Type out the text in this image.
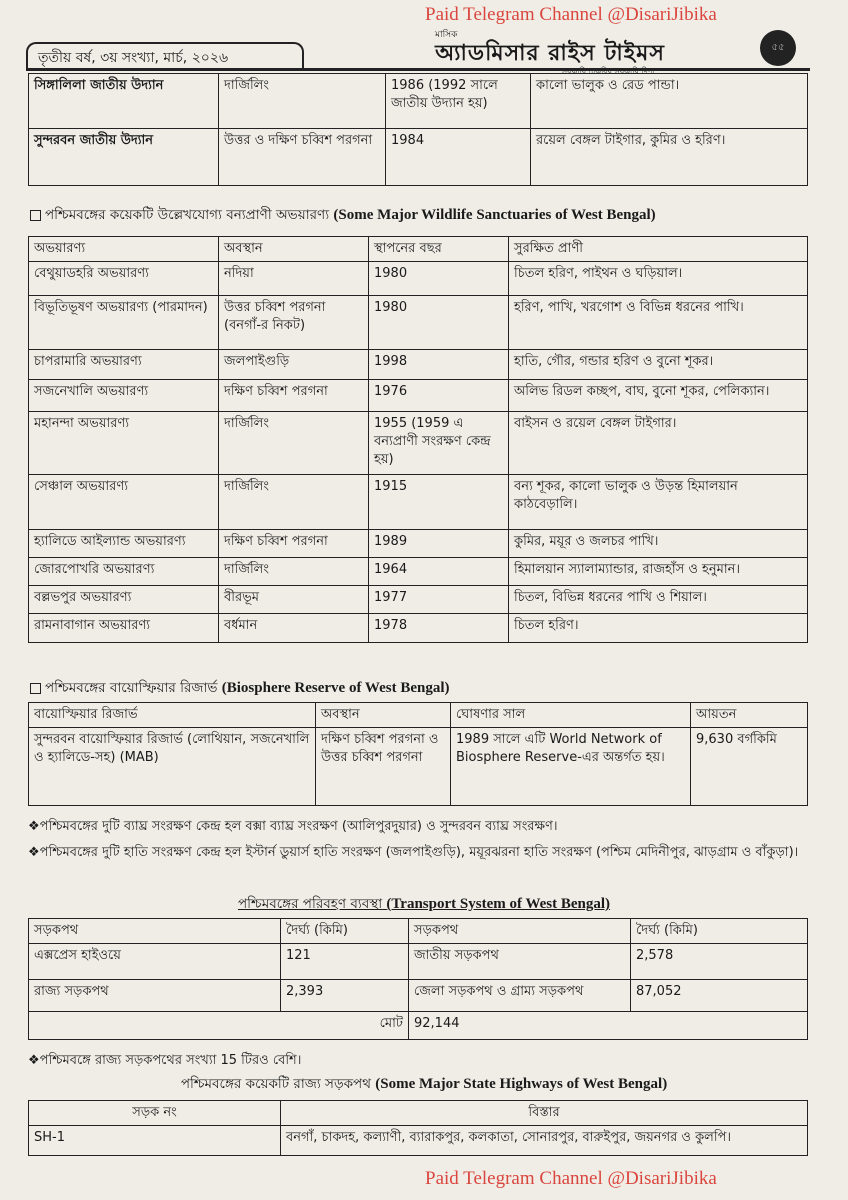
Paid Telegram Channel @DisariJibika
তৃতীয় বর্ষ, ৩য় সংখ্যা, মার্চ, ২০২৬
মাসিক
অ্যাডমিসার রাইস টাইমস
সরকারি চাকরির সরকারি দিশা
৫৫
সিঙ্গালিলা জাতীয় উদ্যান	দার্জিলিং	1986 (1992 সালে জাতীয় উদ্যান হয়)	কালো ভালুক ও রেড পান্ডা।
সুন্দরবন জাতীয় উদ্যান	উত্তর ও দক্ষিণ চব্বিশ পরগনা	1984	রয়েল বেঙ্গল টাইগার, কুমির ও হরিণ।
পশ্চিমবঙ্গের কয়েকটি উল্লেখযোগ্য বন্যপ্রাণী অভয়ারণ্য (Some Major Wildlife Sanctuaries of West Bengal)
অভয়ারণ্য	অবস্থান	স্থাপনের বছর	সুরক্ষিত প্রাণী
বেথুয়াডহরি অভয়ারণ্য	নদিয়া	1980	চিতল হরিণ, পাইথন ও ঘড়িয়াল।
বিভূতিভূষণ অভয়ারণ্য (পারমাদন)	উত্তর চব্বিশ পরগনা (বনগাঁ-র নিকট)	1980	হরিণ, পাখি, খরগোশ ও বিভিন্ন ধরনের পাখি।
চাপরামারি অভয়ারণ্য	জলপাইগুড়ি	1998	হাতি, গৌর, গন্ডার হরিণ ও বুনো শূকর।
সজনেখালি অভয়ারণ্য	দক্ষিণ চব্বিশ পরগনা	1976	অলিভ রিডল কচ্ছপ, বাঘ, বুনো শূকর, পেলিক্যান।
মহানন্দা অভয়ারণ্য	দার্জিলিং	1955 (1959 এ বন্যপ্রাণী সংরক্ষণ কেন্দ্র হয়)	বাইসন ও রয়েল বেঙ্গল টাইগার।
সেঞ্চাল অভয়ারণ্য	দার্জিলিং	1915	বন্য শূকর, কালো ভালুক ও উড়ন্ত হিমালয়ান কাঠবেড়ালি।
হ্যালিডে আইল্যান্ড অভয়ারণ্য	দক্ষিণ চব্বিশ পরগনা	1989	কুমির, ময়ূর ও জলচর পাখি।
জোরপোখরি অভয়ারণ্য	দার্জিলিং	1964	হিমালয়ান স্যালাম্যান্ডার, রাজহাঁস ও হনুমান।
বল্লভপুর অভয়ারণ্য	বীরভূম	1977	চিতল, বিভিন্ন ধরনের পাখি ও শিয়াল।
রামনাবাগান অভয়ারণ্য	বর্ধমান	1978	চিতল হরিণ।
পশ্চিমবঙ্গের বায়োস্ফিয়ার রিজার্ভ (Biosphere Reserve of West Bengal)
বায়োস্ফিয়ার রিজার্ভ	অবস্থান	ঘোষণার সাল	আয়তন
সুন্দরবন বায়োস্ফিয়ার রিজার্ভ (লোথিয়ান, সজনেখালি ও হ্যালিডে-সহ) (MAB)	দক্ষিণ চব্বিশ পরগনা ও উত্তর চব্বিশ পরগনা	1989 সালে এটি World Network of Biosphere Reserve-এর অন্তর্গত হয়।	9,630 বর্গকিমি
❖পশ্চিমবঙ্গের দুটি ব্যাঘ্র সংরক্ষণ কেন্দ্র হল বক্সা ব্যাঘ্র সংরক্ষণ (আলিপুরদুয়ার) ও সুন্দরবন ব্যাঘ্র সংরক্ষণ।
❖পশ্চিমবঙ্গের দুটি হাতি সংরক্ষণ কেন্দ্র হল ইস্টার্ন ডুয়ার্স হাতি সংরক্ষণ (জলপাইগুড়ি), ময়ূরঝরনা হাতি সংরক্ষণ (পশ্চিম মেদিনীপুর, ঝাড়গ্রাম ও বাঁকুড়া)।
পশ্চিমবঙ্গের পরিবহণ ব্যবস্থা (Transport System of West Bengal)
সড়কপথ	দৈর্ঘ্য (কিমি)	সড়কপথ	দৈর্ঘ্য (কিমি)
এক্সপ্রেস হাইওয়ে	121	জাতীয় সড়কপথ	2,578
রাজ্য সড়কপথ	2,393	জেলা সড়কপথ ও গ্রাম্য সড়কপথ	87,052
মোট		92,144	
❖পশ্চিমবঙ্গে রাজ্য সড়কপথের সংখ্যা 15 টিরও বেশি।
পশ্চিমবঙ্গের কয়েকটি রাজ্য সড়কপথ (Some Major State Highways of West Bengal)
সড়ক নং	বিস্তার
SH-1	বনগাঁ, চাকদহ, কল্যাণী, ব্যারাকপুর, কলকাতা, সোনারপুর, বারুইপুর, জয়নগর ও কুলপি।
Paid Telegram Channel @DisariJibika
